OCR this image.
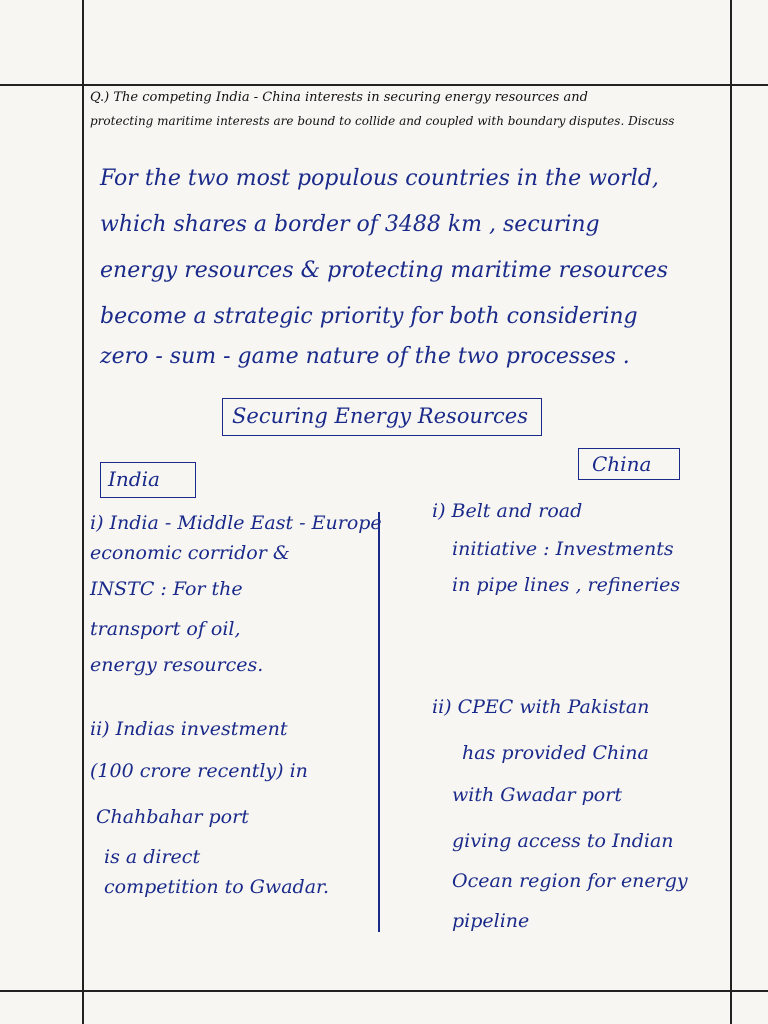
Q.) The competing India - China interests in securing energy resources and
protecting maritime interests are bound to collide and coupled with boundary disputes. Discuss
For the two most populous countries in the world,
which shares a border of 3488 km , securing
energy resources & protecting maritime resources
become a strategic priority for both considering
zero - sum - game nature of the two processes .
Securing Energy Resources
India
China
i) India - Middle East - Europe
economic corridor &
INSTC : For the
transport of oil,
energy resources.
ii) Indias investment
(100 crore recently) in
Chahbahar port
is a direct
competition to Gwadar.
i) Belt and road
initiative : Investments
in pipe lines , refineries
ii) CPEC with Pakistan
has provided China
with Gwadar port
giving access to Indian
Ocean region for energy
pipeline
